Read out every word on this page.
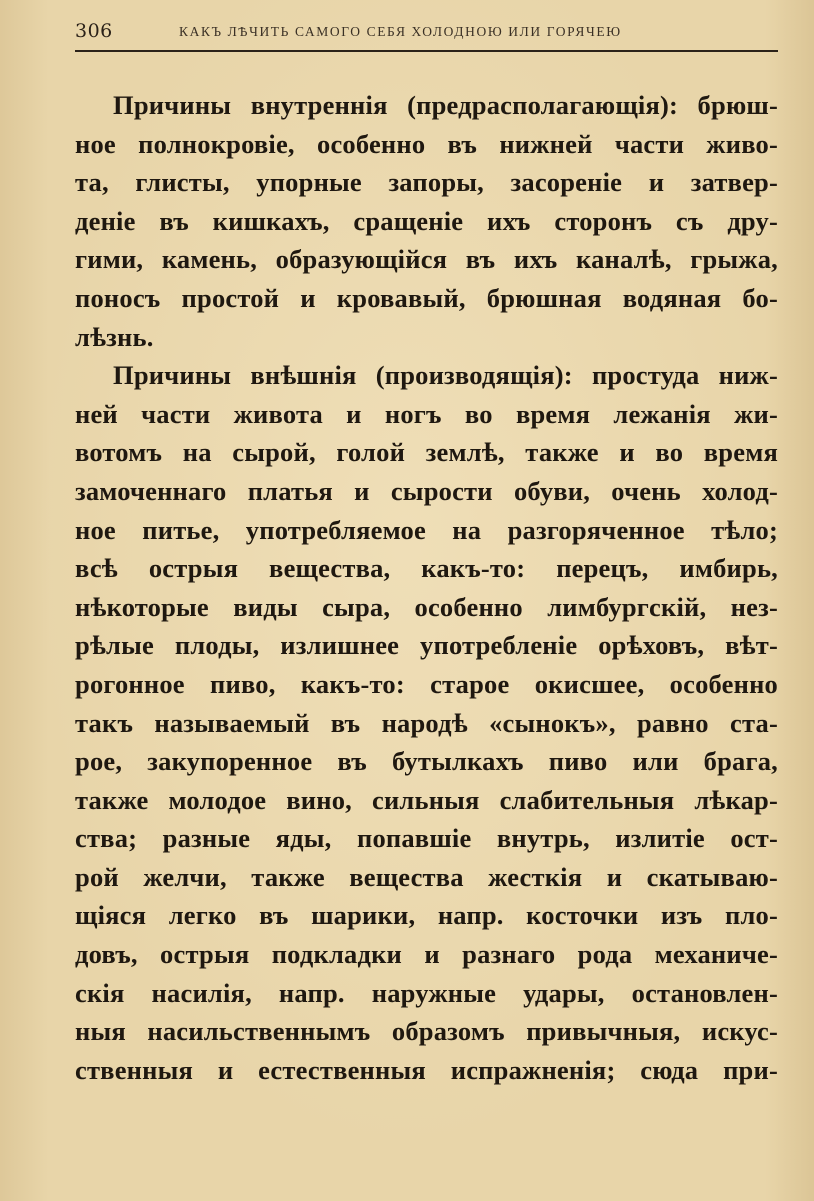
306	КАКЪ ЛѢЧИТЬ САМОГО СЕБЯ ХОЛОДНОЮ ИЛИ ГОРЯЧЕЮ
Причины внутреннія (предрасполагающія): брюш-
ное полнокровіе, особенно въ нижней части живо-
та, глисты, упорные запоры, засореніе и затвер-
деніе въ кишкахъ, сращеніе ихъ сторонъ съ дру-
гими, камень, образующійся въ ихъ каналѣ, грыжа,
поносъ простой и кровавый, брюшная водяная бо-
лѣзнь.
Причины внѣшнія (производящія): простуда ниж-
ней части живота и ногъ во время лежанія жи-
вотомъ на сырой, голой землѣ, также и во время
замоченнаго платья и сырости обуви, очень холод-
ное питье, употребляемое на разгоряченное тѣло;
всѣ острыя вещества, какъ-то: перецъ, имбирь,
нѣкоторые виды сыра, особенно лимбургскій, нез-
рѣлые плоды, излишнее употребленіе орѣховъ, вѣт-
рогонное пиво, какъ-то: старое окисшее, особенно
такъ называемый въ народѣ «сынокъ», равно ста-
рое, закупоренное въ бутылкахъ пиво или брага,
также молодое вино, сильныя слабительныя лѣкар-
ства; разные яды, попавшіе внутрь, излитіе ост-
рой желчи, также вещества жесткія и скатываю-
щіяся легко въ шарики, напр. косточки изъ пло-
довъ, острыя подкладки и разнаго рода механиче-
скія насилія, напр. наружные удары, остановлен-
ныя насильственнымъ образомъ привычныя, искус-
ственныя и естественныя испражненія; сюда при-
